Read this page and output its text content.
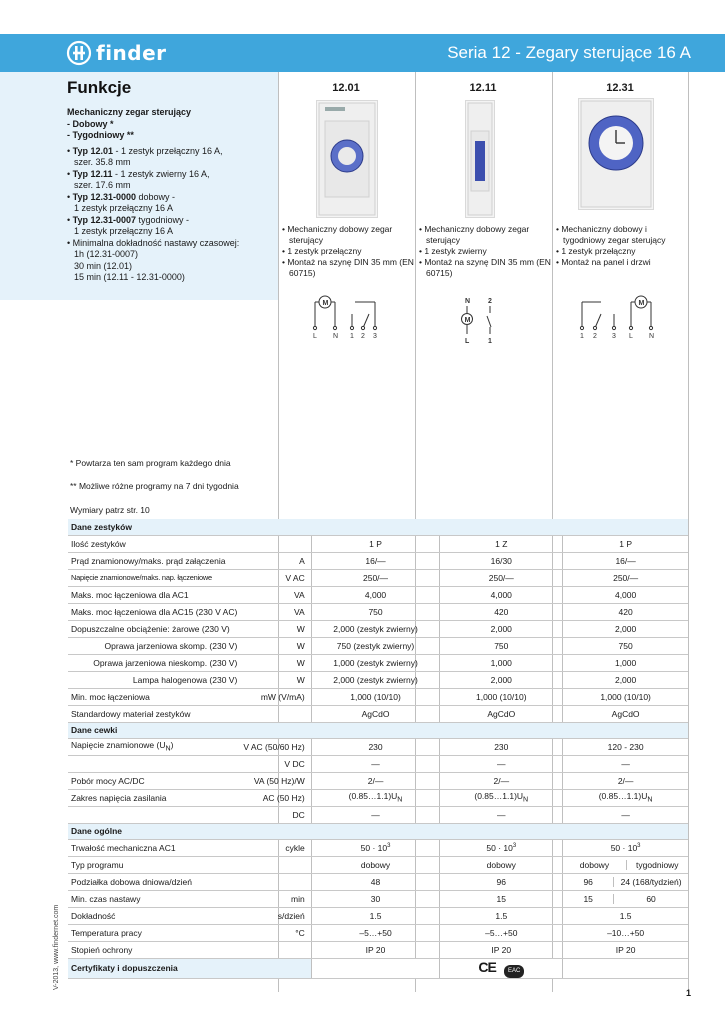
finder	Seria 12 - Zegary sterujące 16 A
Funkcje
Mechaniczny zegar sterujący
- Dobowy *
- Tygodniowy **
• Typ 12.01 - 1 zestyk przełączny 16 A,
szer. 35.8 mm
• Typ 12.11 - 1 zestyk zwierny 16 A,
szer. 17.6 mm
• Typ 12.31-0000 dobowy -
1 zestyk przełączny 16 A
• Typ 12.31-0007 tygodniowy -
1 zestyk przełączny 16 A
• Minimalna dokładność nastawy czasowej:
1h (12.31-0007)
30 min (12.01)
15 min (12.11 - 12.31-0000)
12.01	12.11	12.31
• Mechaniczny dobowy zegar sterujący
• 1 zestyk przełączny
• Montaż na szynę DIN 35 mm (EN 60715)
• Mechaniczny dobowy zegar sterujący
• 1 zestyk zwierny
• Montaż na szynę DIN 35 mm (EN 60715)
• Mechaniczny dobowy i tygodniowy zegar sterujący
• 1 zestyk przełączny
• Montaż na panel i drzwi
M
L N 1 2 3
N	2
M
L	1
M
1 2 3 L N
* Powtarza ten sam program każdego dnia
** Możliwe różne programy na 7 dni tygodnia
Wymiary patrz str. 10
Dane zestyków				
Ilość zestyków		1 P	1 Z	1 P
Prąd znamionowy/maks. prąd załączenia	A	16/—	16/30	16/—
Napięcie znamionowe/maks. nap. łączeniowe	V AC	250/—	250/—	250/—
Maks. moc łączeniowa dla AC1	VA	4,000	4,000	4,000
Maks. moc łączeniowa dla AC15 (230 V AC)	VA	750	420	420
Dopuszczalne obciążenie: żarowe (230 V)	W	2,000 (zestyk zwierny)	2,000	2,000
Oprawa jarzeniowa skomp. (230 V)	W	750 (zestyk zwierny)	750	750
Oprawa jarzeniowa nieskomp. (230 V)	W	1,000 (zestyk zwierny)	1,000	1,000
Lampa halogenowa (230 V)	W	2,000 (zestyk zwierny)	2,000	2,000
Min. moc łączeniowa	mW (V/mA)	1,000 (10/10)	1,000 (10/10)	1,000 (10/10)
Standardowy materiał zestyków		AgCdO	AgCdO	AgCdO
Dane cewki				
Napięcie znamionowe $(U_N)$	V AC (50/60 Hz)	230	230	120 - 230
	V DC	—	—	—
Pobór mocy AC/DC	VA (50 Hz)/W	2/—	2/—	2/—
Zakres napięcia zasilania	AC (50 Hz)	$(0.85\dots 1.1)U_N$	$(0.85\dots 1.1)U_N$	$(0.85\dots 1.1)U_N$
	DC	—	—	—
Dane ogólne				
Trwałość mechaniczna AC1	cykle	$50 \cdot 10^3$	$50 \cdot 10^3$	$50 \cdot 10^3$
Typ programu		dobowy	dobowy	dobowy tygodniowy

Podziałka dobowa dniowa/dzień		48	96	96 24 (168/tydzień)

Min. czas nastawy	min	30	15	15 60

Dokładność	s/dzień	1.5	1.5	1.5
Temperatura pracy	°C	–5…+50	–5…+50	–10…+50
Stopień ochrony		IP 20	IP 20	IP 20
Certyfikaty i dopuszczenia			CE EAC	
V-2013, www.findernet.com
1
